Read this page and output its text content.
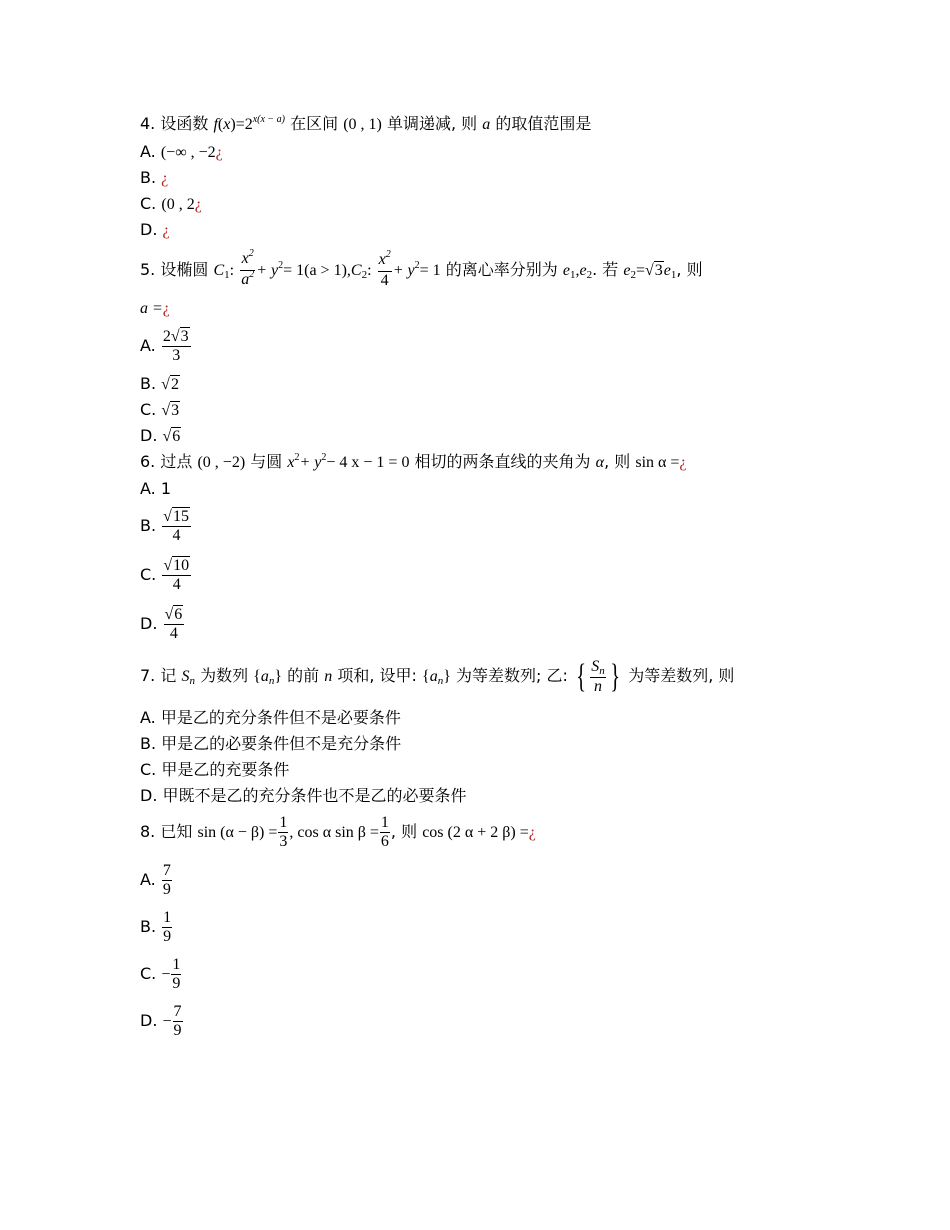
4. 设函数 $f(x)=2^{x(x - a)}$ 在区间 (0 , 1) 单调递减, 则 a 的取值范围是
A. (−∞ , −2¿
B. ¿
C. (0 , 2¿
D. ¿
5. 设椭圆 C1: $\frac{x^2}{a^2} + y^2= 1(a > 1),C2$: $\frac{x^2}{4} + y^2= 1$ 的离心率分别为 e1,e2. 若 e2=√3e1, 则
a =¿
A. $\frac{2√3}{3}$
B. √2
C. √3
D. √6
6. 过点 (0 , −2) 与圆 $x^2+ y^2- 4$ x − 1 = 0 相切的两条直线的夹角为 α, 则 sin α =¿
A. 1
B. $\frac{√15}{4}$
C. $\frac{√10}{4}$
D. $\frac{√6}{4}$
7. 记 Sn 为数列 {an} 的前 n 项和, 设甲: {an} 为等差数列; 乙: { $\frac{Sn}{n}$ } 为等差数列, 则
A. 甲是乙的充分条件但不是必要条件
B. 甲是乙的必要条件但不是充分条件
C. 甲是乙的充要条件
D. 甲既不是乙的充分条件也不是乙的必要条件
8. 已知 $\sin (\alpha - \beta) = \frac{1}{3}$ , cos α $\sin \beta = \frac{1}{6}$ , 则 cos (2 α + 2 β) =¿
A. $\frac{7}{9}$
B. $\frac{1}{9}$
C. − $\frac{1}{9}$
D. − $\frac{7}{9}$
